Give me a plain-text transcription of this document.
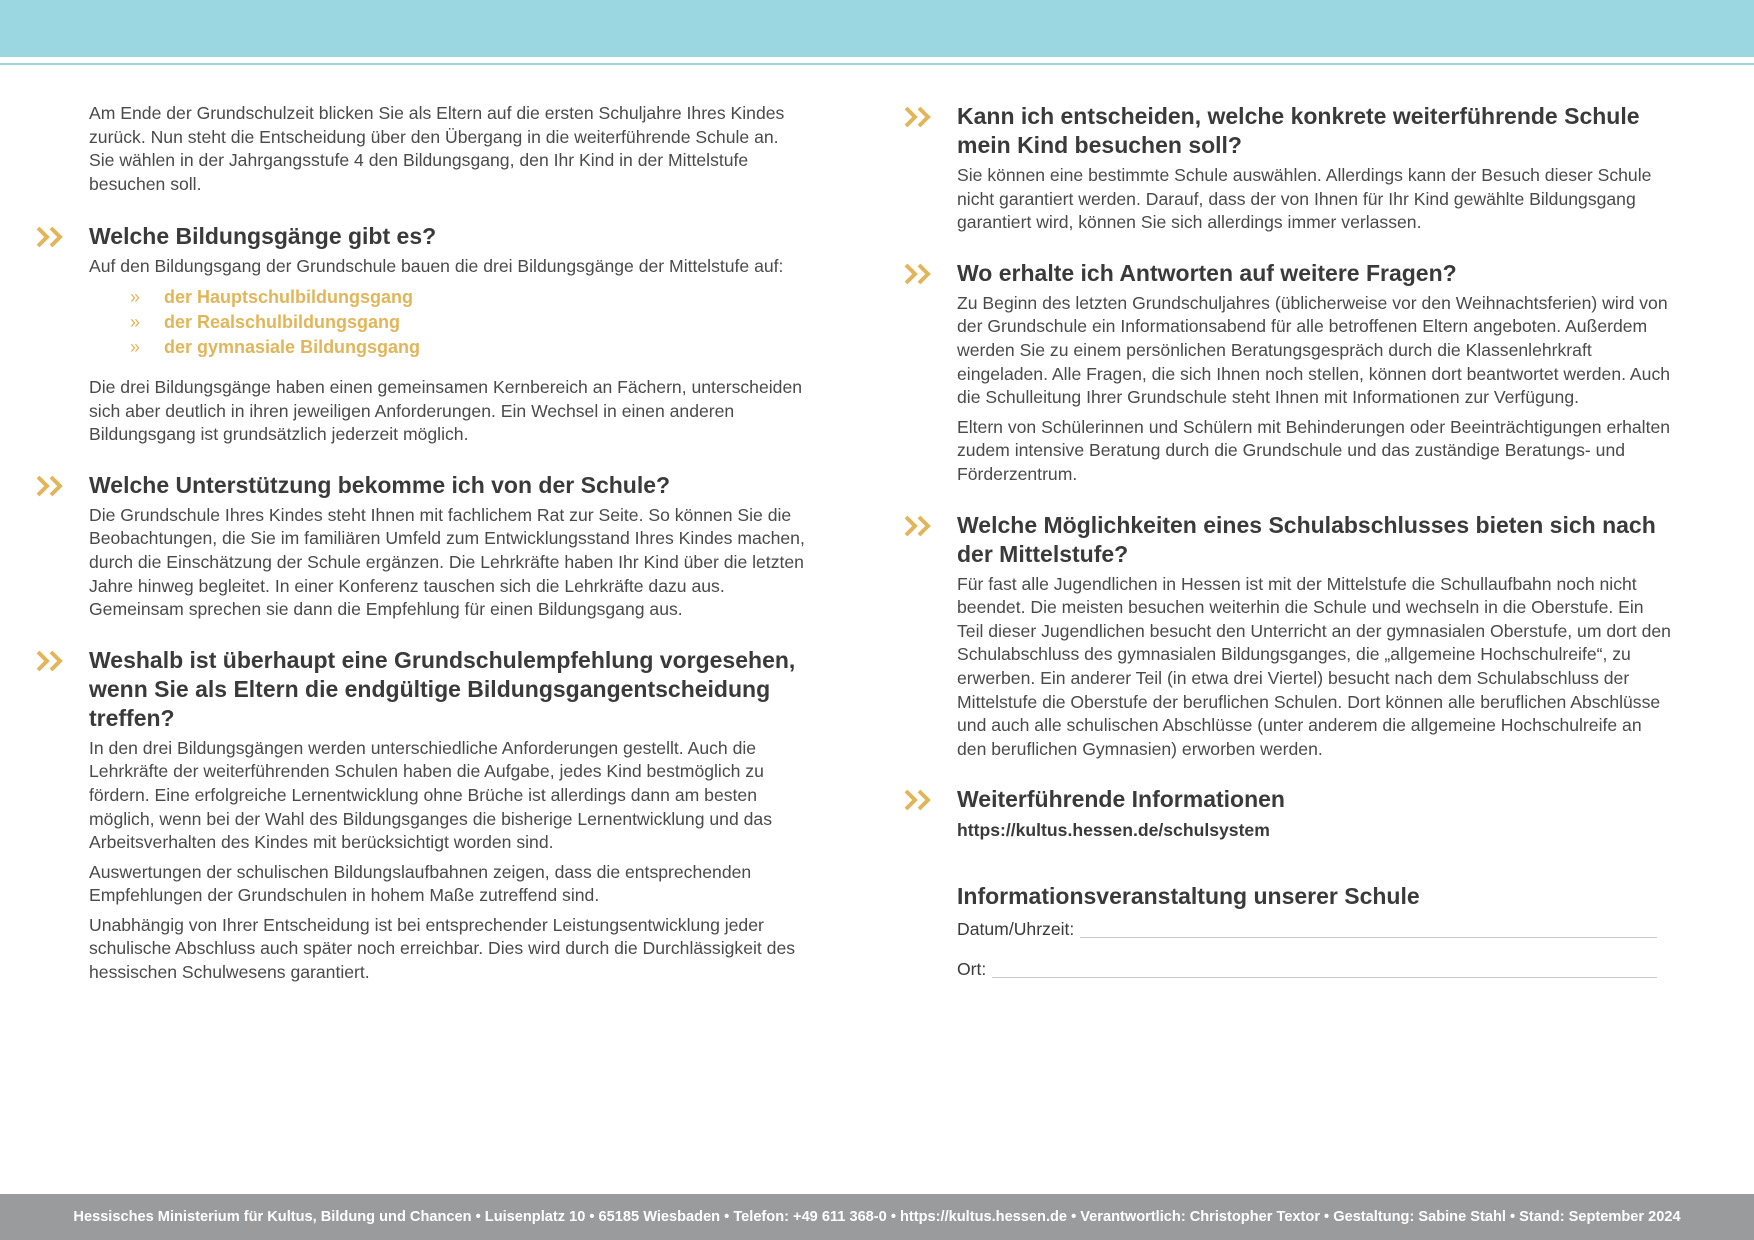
Am Ende der Grundschulzeit blicken Sie als Eltern auf die ersten Schuljahre Ihres Kindes zurück. Nun steht die Entscheidung über den Übergang in die weiterführende Schule an. Sie wählen in der Jahrgangsstufe 4 den Bildungsgang, den Ihr Kind in der Mittelstufe besuchen soll.

Welche Bildungsgänge gibt es?

Auf den Bildungsgang der Grundschule bauen die drei Bildungsgänge der Mittelstufe auf:

» der Hauptschulbildungsgang
» der Realschulbildungsgang
» der gymnasiale Bildungsgang

Die drei Bildungsgänge haben einen gemeinsamen Kernbereich an Fächern, unterscheiden sich aber deutlich in ihren jeweiligen Anforderungen. Ein Wechsel in einen anderen Bildungsgang ist grundsätzlich jederzeit möglich.

Welche Unterstützung bekomme ich von der Schule?

Die Grundschule Ihres Kindes steht Ihnen mit fachlichem Rat zur Seite. So können Sie die Beobachtungen, die Sie im familiären Umfeld zum Entwicklungsstand Ihres Kindes machen, durch die Einschätzung der Schule ergänzen. Die Lehrkräfte haben Ihr Kind über die letzten Jahre hinweg begleitet. In einer Konferenz tauschen sich die Lehrkräfte dazu aus. Gemeinsam sprechen sie dann die Empfehlung für einen Bildungsgang aus.

Weshalb ist überhaupt eine Grundschulempfehlung vorgesehen, wenn Sie als Eltern die endgültige Bildungsgangentscheidung treffen?

In den drei Bildungsgängen werden unterschiedliche Anforderungen gestellt. Auch die Lehrkräfte der weiterführenden Schulen haben die Aufgabe, jedes Kind bestmöglich zu fördern. Eine erfolgreiche Lernentwicklung ohne Brüche ist allerdings dann am besten möglich, wenn bei der Wahl des Bildungsganges die bisherige Lernentwicklung und das Arbeitsverhalten des Kindes mit berücksichtigt worden sind.

Auswertungen der schulischen Bildungslaufbahnen zeigen, dass die entsprechenden Empfehlungen der Grundschulen in hohem Maße zutreffend sind.

Unabhängig von Ihrer Entscheidung ist bei entsprechender Leistungsentwicklung jeder schulische Abschluss auch später noch erreichbar. Dies wird durch die Durchlässigkeit des hessischen Schulwesens garantiert.

Kann ich entscheiden, welche konkrete weiterführende Schule mein Kind besuchen soll?

Sie können eine bestimmte Schule auswählen. Allerdings kann der Besuch dieser Schule nicht garantiert werden. Darauf, dass der von Ihnen für Ihr Kind gewählte Bildungsgang garantiert wird, können Sie sich allerdings immer verlassen.

Wo erhalte ich Antworten auf weitere Fragen?

Zu Beginn des letzten Grundschuljahres (üblicherweise vor den Weihnachtsferien) wird von der Grundschule ein Informationsabend für alle betroffenen Eltern angeboten. Außerdem werden Sie zu einem persönlichen Beratungsgespräch durch die Klassenlehrkraft eingeladen. Alle Fragen, die sich Ihnen noch stellen, können dort beantwortet werden. Auch die Schulleitung Ihrer Grundschule steht Ihnen mit Informationen zur Verfügung.

Eltern von Schülerinnen und Schülern mit Behinderungen oder Beeinträchtigungen erhalten zudem intensive Beratung durch die Grundschule und das zuständige Beratungs- und Förderzentrum.

Welche Möglichkeiten eines Schulabschlusses bieten sich nach der Mittelstufe?

Für fast alle Jugendlichen in Hessen ist mit der Mittelstufe die Schullaufbahn noch nicht beendet. Die meisten besuchen weiterhin die Schule und wechseln in die Oberstufe. Ein Teil dieser Jugendlichen besucht den Unterricht an der gymnasialen Oberstufe, um dort den Schulabschluss des gymnasialen Bildungsganges, die „allgemeine Hochschulreife“, zu erwerben. Ein anderer Teil (in etwa drei Viertel) besucht nach dem Schulabschluss der Mittelstufe die Oberstufe der beruflichen Schulen. Dort können alle beruflichen Abschlüsse und auch alle schulischen Abschlüsse (unter anderem die allgemeine Hochschulreife an den beruflichen Gymnasien) erworben werden.

Weiterführende Informationen

https://kultus.hessen.de/schulsystem

Informationsveranstaltung unserer Schule
Datum/Uhrzeit:
Ort:
Hessisches Ministerium für Kultus, Bildung und Chancen • Luisenplatz 10 • 65185 Wiesbaden • Telefon: +49 611 368-0 • https://kultus.hessen.de • Verantwortlich: Christopher Textor • Gestaltung: Sabine Stahl • Stand: September 2024
